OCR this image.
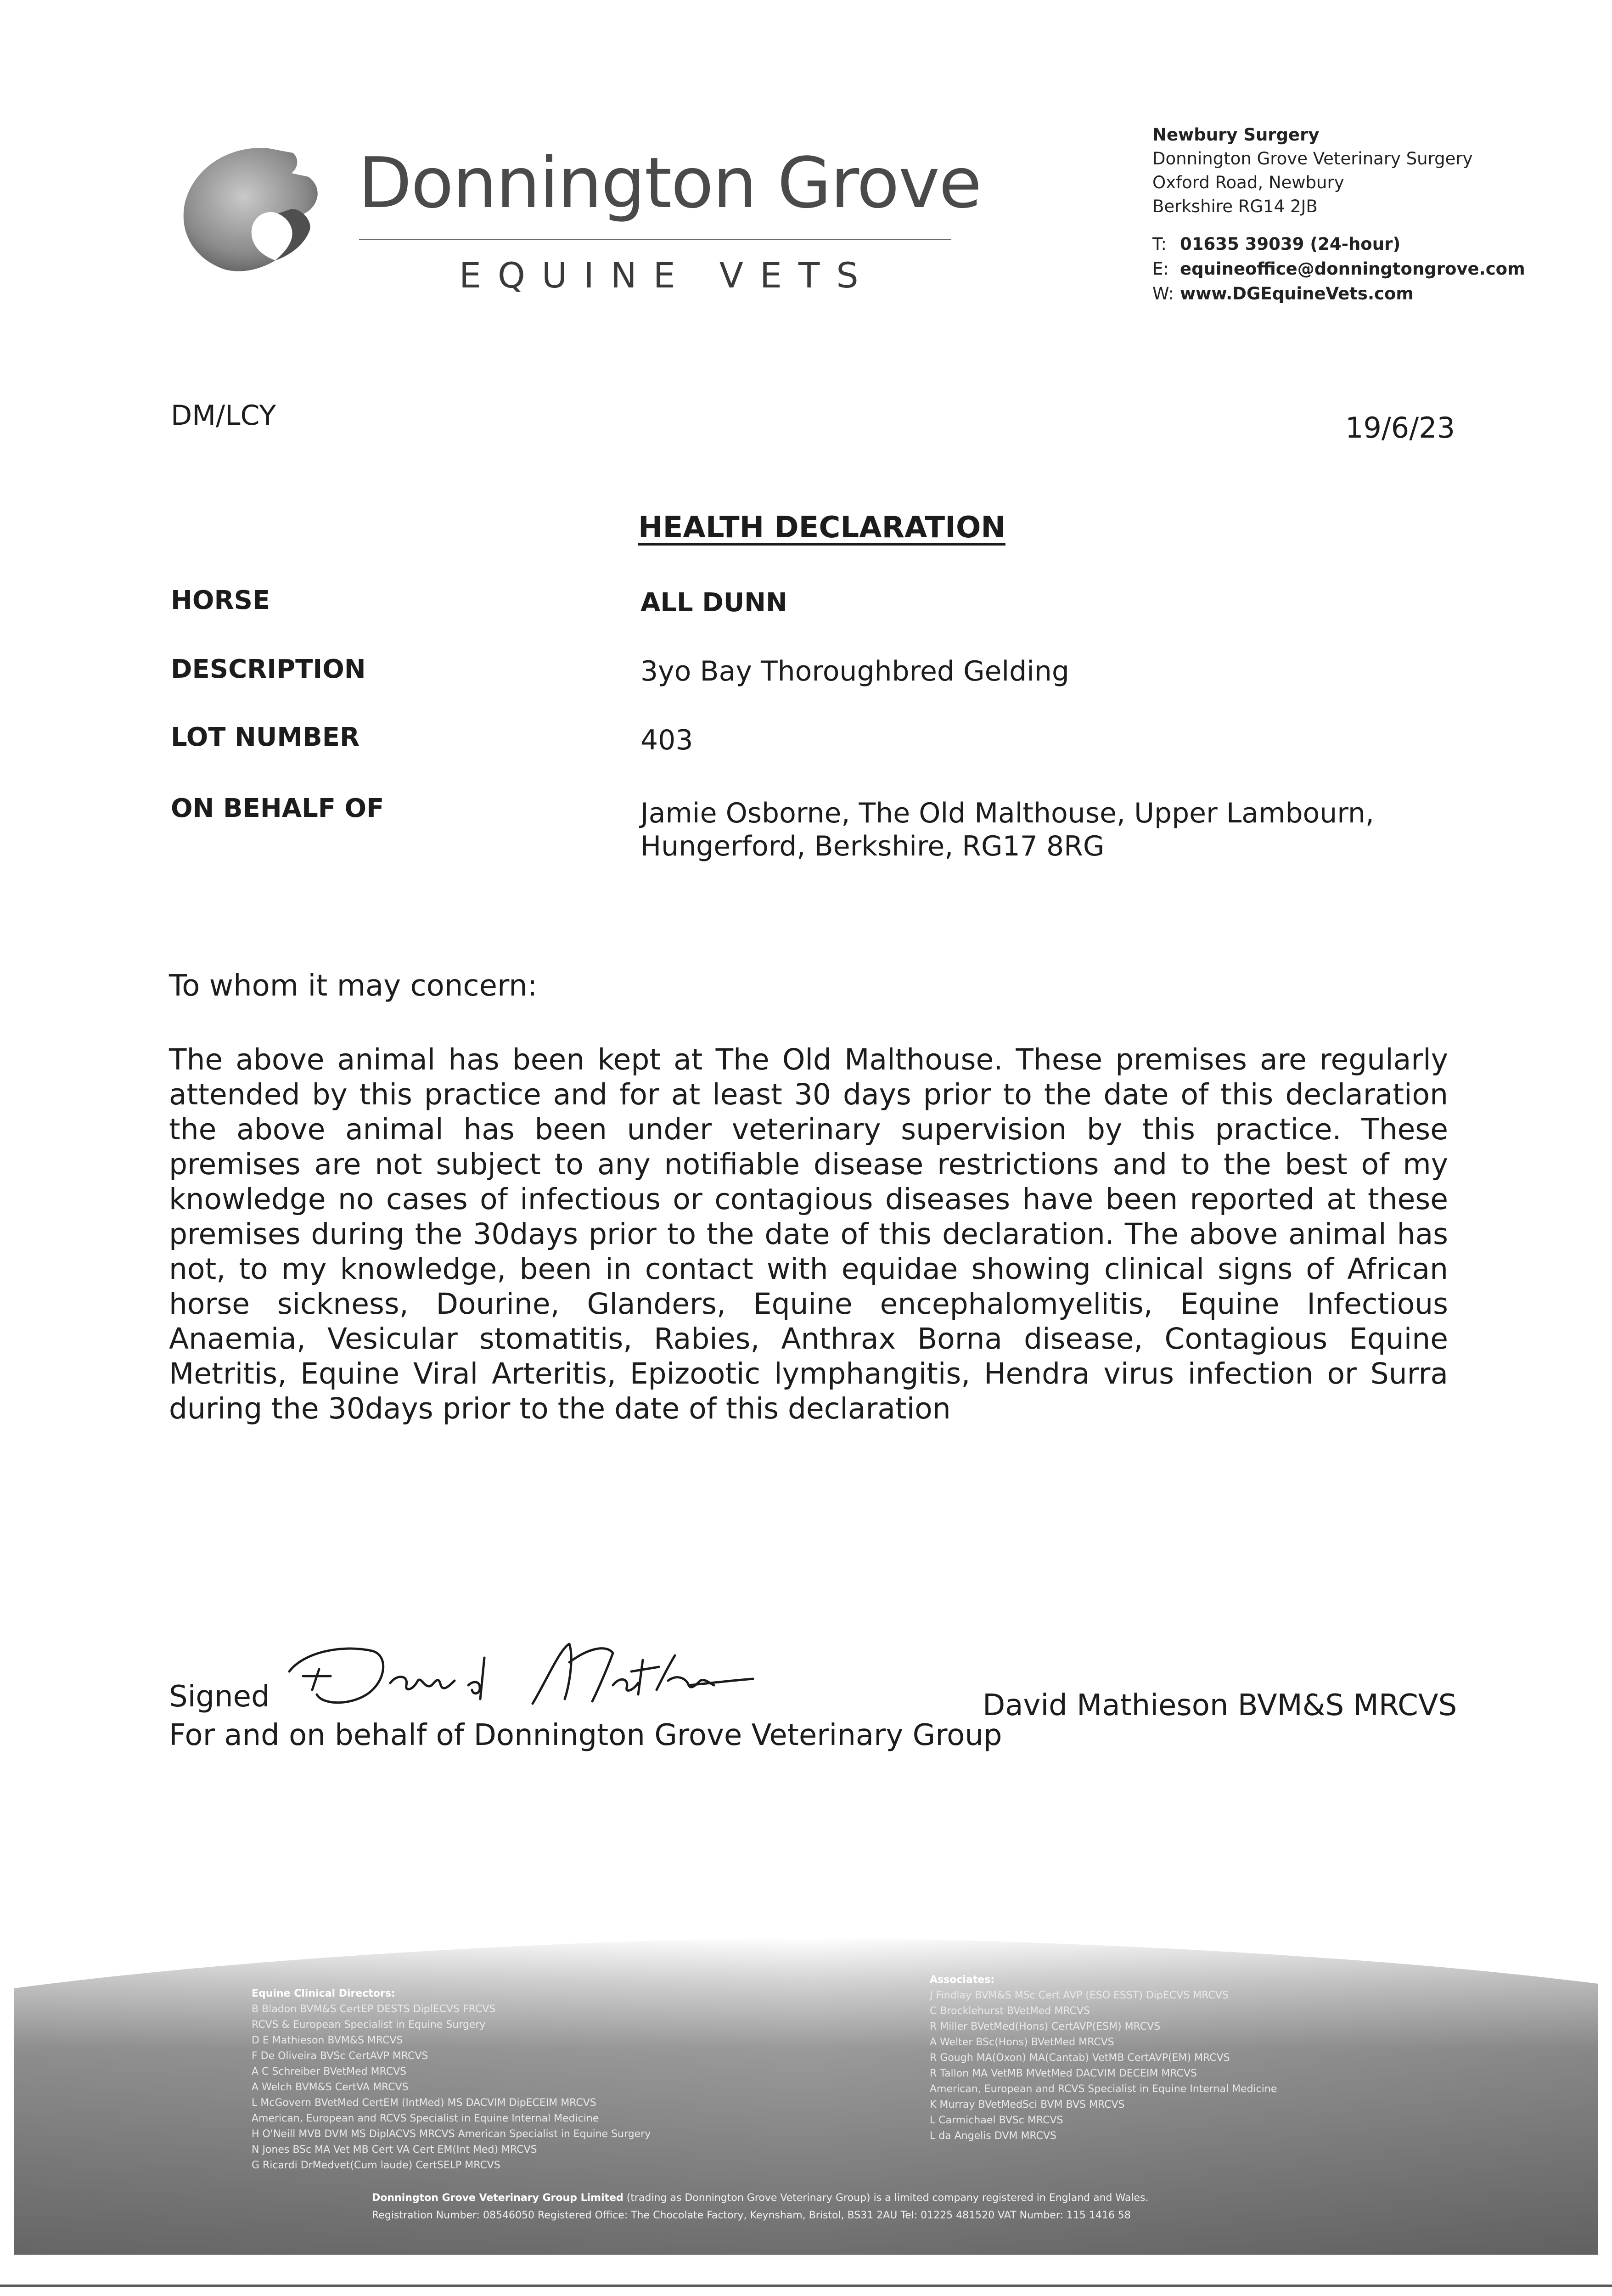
Donnington Grove
EQUINE VETS
Newbury Surgery
Donnington Grove Veterinary Surgery
Oxford Road, Newbury
Berkshire RG14 2JB
T: 01635 39039 (24-hour)
E: equineoffice@donningtongrove.com
W: www.DGEquineVets.com
DM/LCY	19/6/23
HEALTH DECLARATION
HORSE	ALL DUNN
DESCRIPTION	3yo Bay Thoroughbred Gelding
LOT NUMBER	403
ON BEHALF OF	Jamie Osborne, The Old Malthouse, Upper Lambourn,
Hungerford, Berkshire, RG17 8RG
To whom it may concern:
The above animal has been kept at The Old Malthouse. These premises are regularly attended by this practice and for at least 30 days prior to the date of this declaration the above animal has been under veterinary supervision by this practice. These premises are not subject to any notifiable disease restrictions and to the best of my knowledge no cases of infectious or contagious diseases have been reported at these premises during the 30days prior to the date of this declaration. The above animal has not, to my knowledge, been in contact with equidae showing clinical signs of African horse sickness, Dourine, Glanders, Equine encephalomyelitis, Equine Infectious Anaemia, Vesicular stomatitis, Rabies, Anthrax Borna disease, Contagious Equine Metritis, Equine Viral Arteritis, Epizootic lymphangitis, Hendra virus infection or Surra during the 30days prior to the date of this declaration
Signed
For and on behalf of Donnington Grove Veterinary Group
David Mathieson BVM&S MRCVS
Equine Clinical Directors:
B Bladon BVM&S CertEP DESTS DiplECVS FRCVS
RCVS & European Specialist in Equine Surgery
D E Mathieson BVM&S MRCVS
F De Oliveira BVSc CertAVP MRCVS
A C Schreiber BVetMed MRCVS
A Welch BVM&S CertVA MRCVS
L McGovern BVetMed CertEM (IntMed) MS DACVIM DipECEIM MRCVS
American, European and RCVS Specialist in Equine Internal Medicine
H O'Neill MVB DVM MS DiplACVS MRCVS American Specialist in Equine Surgery
N Jones BSc MA Vet MB Cert VA Cert EM(Int Med) MRCVS
G Ricardi DrMedvet(Cum laude) CertSELP MRCVS
Associates:
J Findlay BVM&S MSc Cert AVP (ESO ESST) DipECVS MRCVS
C Brocklehurst BVetMed MRCVS
R Miller BVetMed(Hons) CertAVP(ESM) MRCVS
A Welter BSc(Hons) BVetMed MRCVS
R Gough MA(Oxon) MA(Cantab) VetMB CertAVP(EM) MRCVS
R Tallon MA VetMB MVetMed DACVIM DECEIM MRCVS
American, European and RCVS Specialist in Equine Internal Medicine
K Murray BVetMedSci BVM BVS MRCVS
L Carmichael BVSc MRCVS
L da Angelis DVM MRCVS
Donnington Grove Veterinary Group Limited (trading as Donnington Grove Veterinary Group) is a limited company registered in England and Wales.
Registration Number: 08546050 Registered Office: The Chocolate Factory, Keynsham, Bristol, BS31 2AU Tel: 01225 481520 VAT Number: 115 1416 58
